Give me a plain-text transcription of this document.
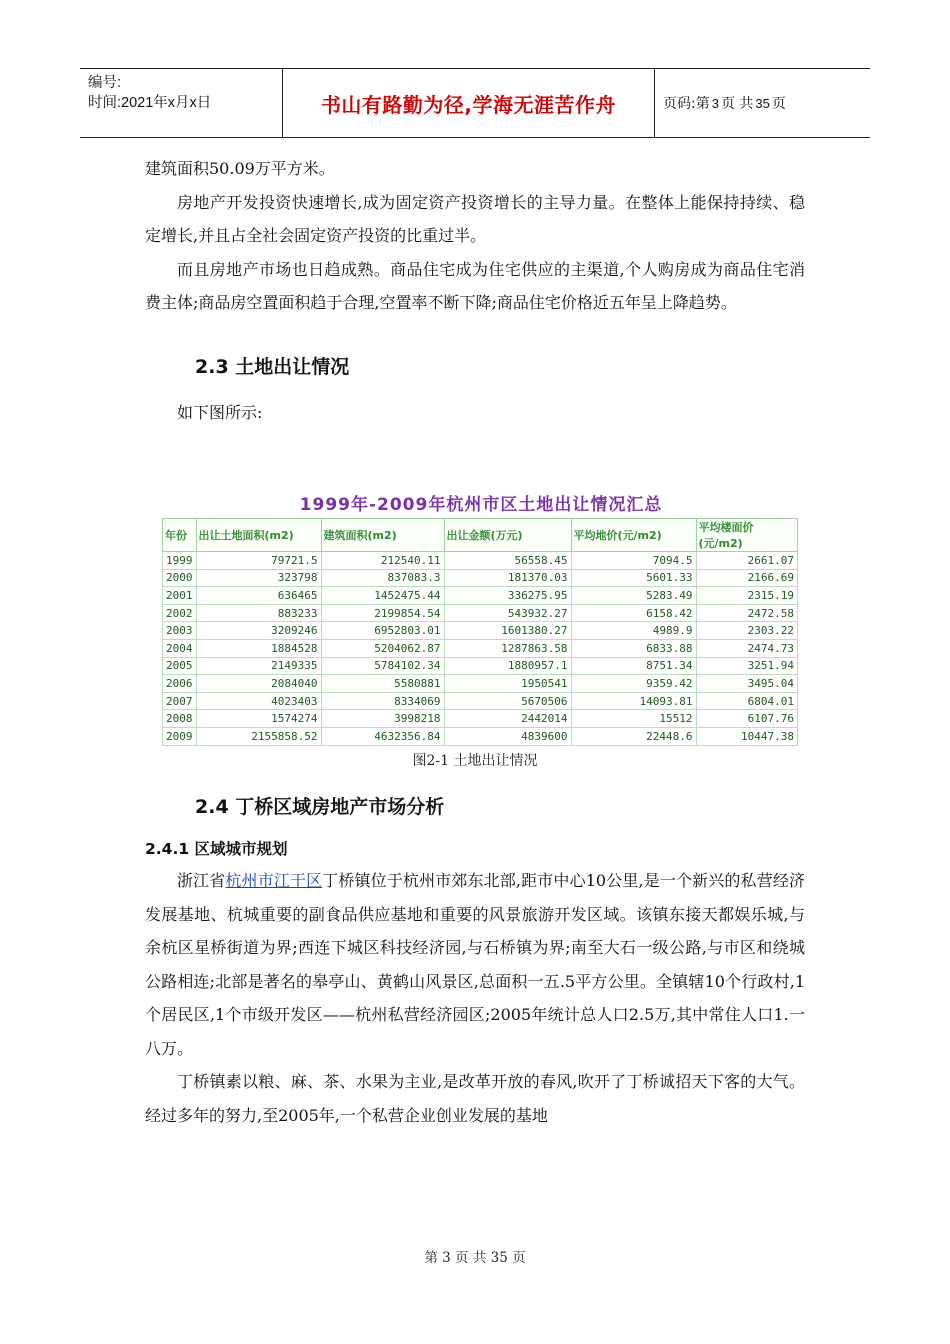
编号:
时间:2021年x月x日	书山有路勤为径,学海无涯苦作舟	页码:第 3 页 共 35 页

建筑面积50.09万平方米。

房地产开发投资快速增长,成为固定资产投资增长的主导力量。在整体上能保持持续、稳定增长,并且占全社会固定资产投资的比重过半。

而且房地产市场也日趋成熟。商品住宅成为住宅供应的主渠道,个人购房成为商品住宅消费主体;商品房空置面积趋于合理,空置率不断下降;商品住宅价格近五年呈上降趋势。

2.3 土地出让情况

如下图所示:

1999年-2009年杭州市区土地出让情况汇总
年份	出让土地面积(m2)	建筑面积(m2)	出让金额(万元)	平均地价(元/m2)	平均楼面价(元/m2)
1999	79721.5	212540.11	56558.45	7094.5	2661.07
2000	323798	837083.3	181370.03	5601.33	2166.69
2001	636465	1452475.44	336275.95	5283.49	2315.19
2002	883233	2199854.54	543932.27	6158.42	2472.58
2003	3209246	6952803.01	1601380.27	4989.9	2303.22
2004	1884528	5204062.87	1287863.58	6833.88	2474.73
2005	2149335	5784102.34	1880957.1	8751.34	3251.94
2006	2084040	5580881	1950541	9359.42	3495.04
2007	4023403	8334069	5670506	14093.81	6804.01
2008	1574274	3998218	2442014	15512	6107.76
2009	2155858.52	4632356.84	4839600	22448.6	10447.38
图2-1 土地出让情况
2.4 丁桥区域房地产市场分析
2.4.1 区域城市规划

浙江省杭州市江干区丁桥镇位于杭州市郊东北部,距市中心10公里,是一个新兴的私营经济发展基地、杭城重要的副食品供应基地和重要的风景旅游开发区域。该镇东接天都娱乐城,与余杭区星桥街道为界;西连下城区科技经济园,与石桥镇为界;南至大石一级公路,与市区和绕城公路相连;北部是著名的皋亭山、黄鹤山风景区,总面积一五.5平方公里。全镇辖10个行政村,1个居民区,1个市级开发区——杭州私营经济园区;2005年统计总人口2.5万,其中常住人口1.一八万。

丁桥镇素以粮、麻、茶、水果为主业,是改革开放的春风,吹开了丁桥诚招天下客的大气。经过多年的努力,至2005年,一个私营企业创业发展的基地

第 3 页 共 35 页
